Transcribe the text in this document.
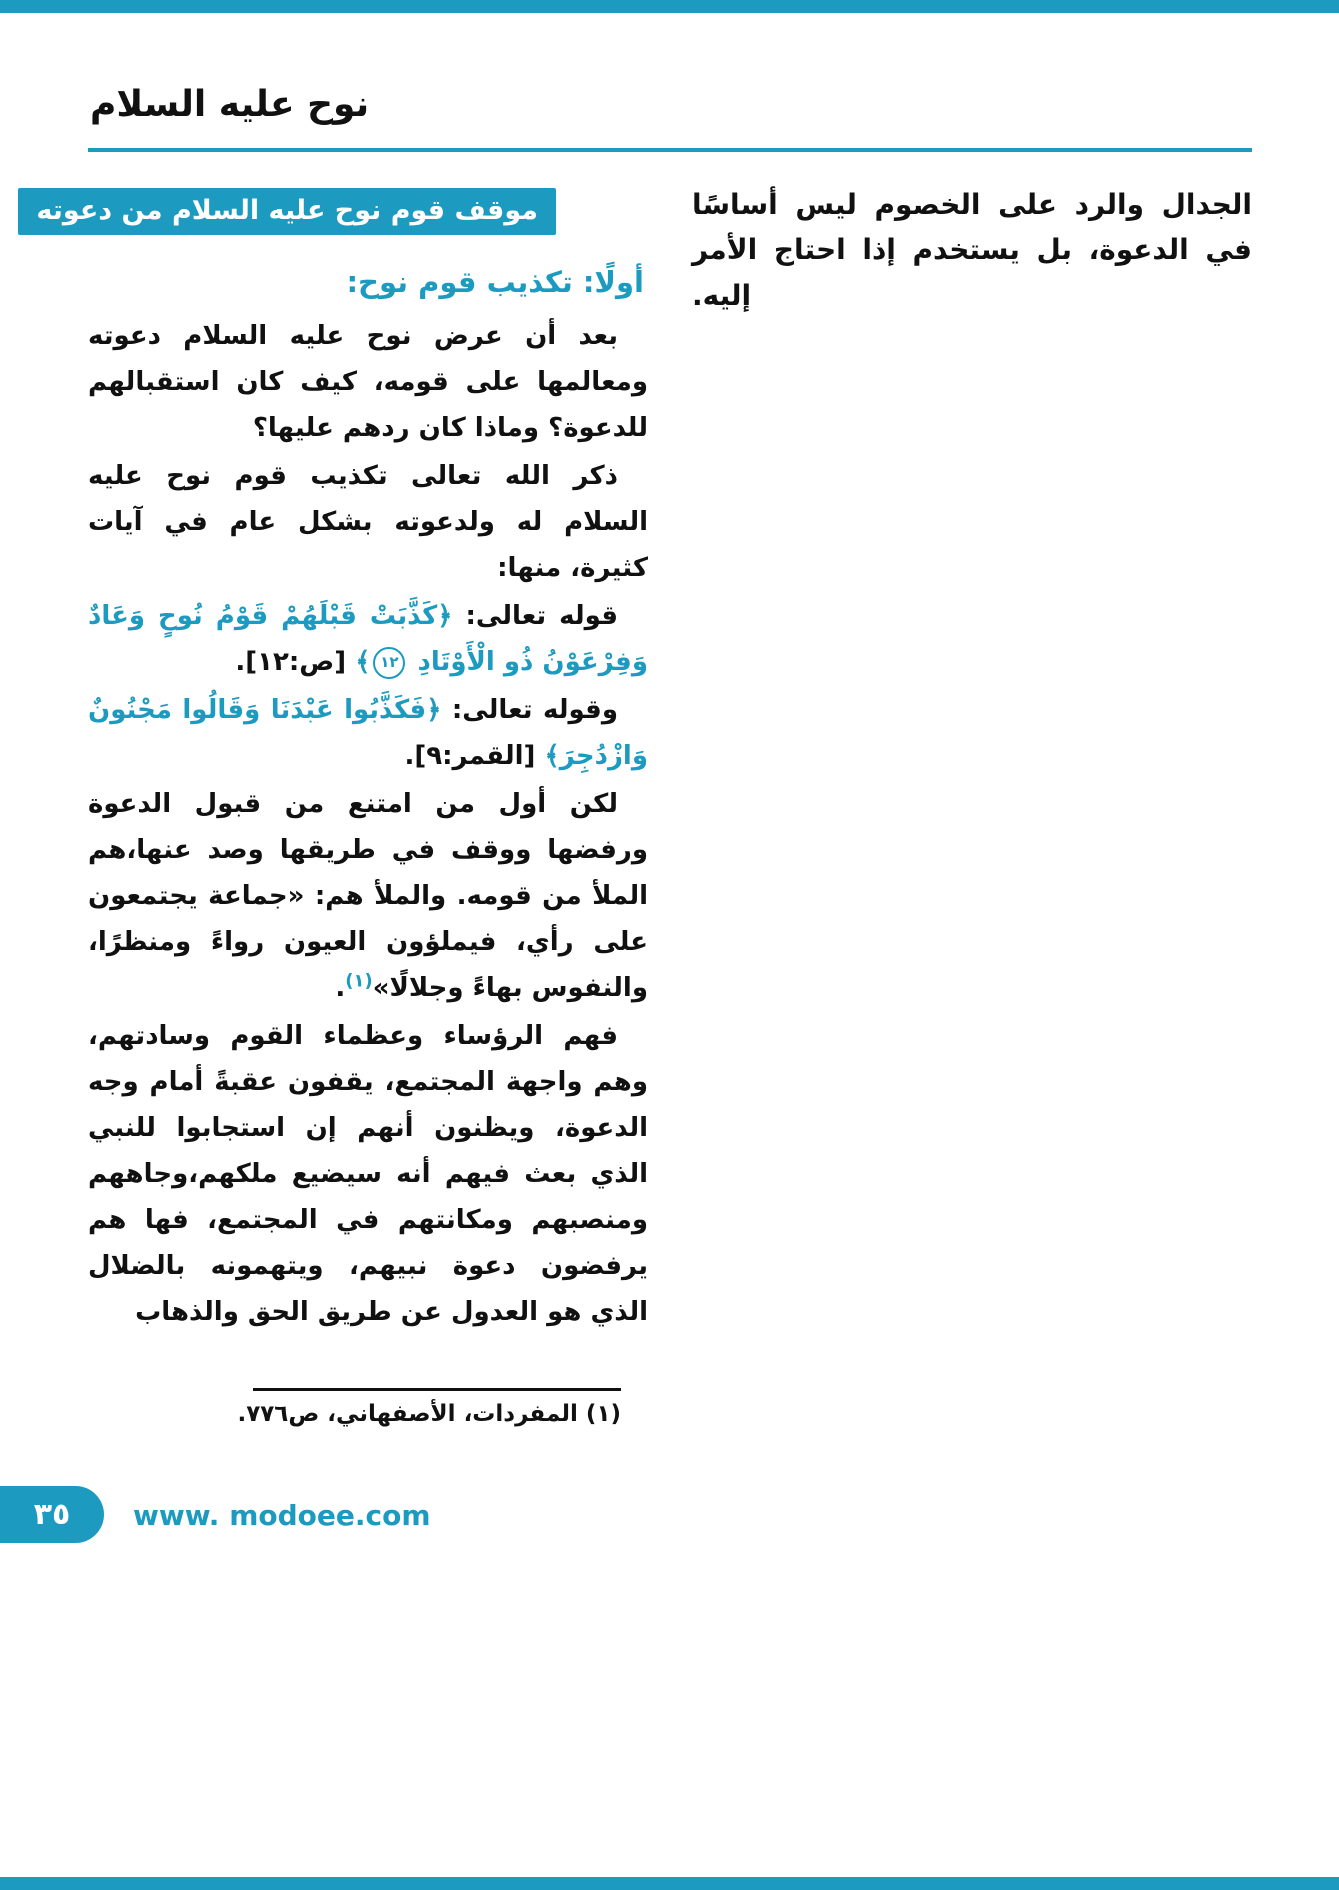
نوح عليه السلام

الجدال والرد على الخصوم ليس أساسًا في الدعوة، بل يستخدم إذا احتاج الأمر إليه.

موقف قوم نوح عليه السلام من دعوته
أولًا: تكذيب قوم نوح:

بعد أن عرض نوح عليه السلام دعوته ومعالمها على قومه، كيف كان استقبالهم للدعوة؟ وماذا كان ردهم عليها؟

ذكر الله تعالى تكذيب قوم نوح عليه السلام له ولدعوته بشكل عام في آيات كثيرة، منها:

قوله تعالى: ﴿كَذَّبَتْ قَبْلَهُمْ قَوْمُ نُوحٍ وَعَادٌ وَفِرْعَوْنُ ذُو الْأَوْتَادِ ١٢﴾ [ص:١٢].

وقوله تعالى: ﴿فَكَذَّبُوا عَبْدَنَا وَقَالُوا مَجْنُونٌ وَازْدُجِرَ﴾ [القمر:٩].

لكن أول من امتنع من قبول الدعوة ورفضها ووقف في طريقها وصد عنها،هم الملأ من قومه. والملأ هم: «جماعة يجتمعون على رأي، فيملؤون العيون رواءً ومنظرًا، والنفوس بهاءً وجلالًا»$^{(١)}$.

فهم الرؤساء وعظماء القوم وسادتهم، وهم واجهة المجتمع، يقفون عقبةً أمام وجه الدعوة، ويظنون أنهم إن استجابوا للنبي الذي بعث فيهم أنه سيضيع ملكهم،وجاههم ومنصبهم ومكانتهم في المجتمع، فها هم يرفضون دعوة نبيهم، ويتهمونه بالضلال الذي هو العدول عن طريق الحق والذهاب

(١) المفردات، الأصفهاني، ص٧٧٦.
٣٥	www. modoee.com
